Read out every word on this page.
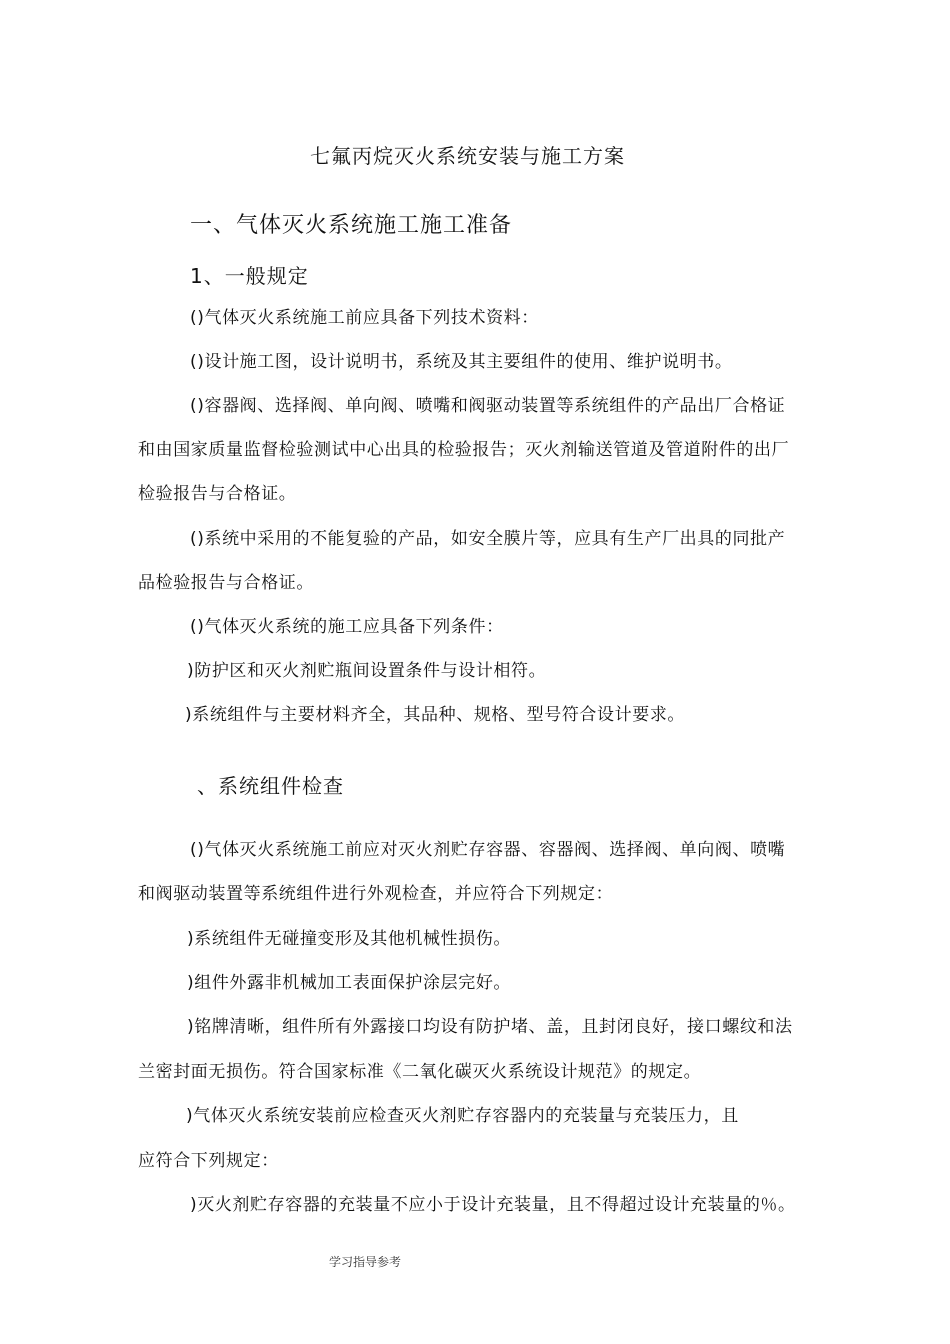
七氟丙烷灭火系统安装与施工方案
一、气体灭火系统施工施工准备
1、一般规定

()气体灭火系统施工前应具备下列技术资料：

()设计施工图，设计说明书，系统及其主要组件的使用、维护说明书。

()容器阀、选择阀、单向阀、喷嘴和阀驱动装置等系统组件的产品出厂合格证

和由国家质量监督检验测试中心出具的检验报告；灭火剂输送管道及管道附件的出厂

检验报告与合格证。

()系统中采用的不能复验的产品，如安全膜片等，应具有生产厂出具的同批产

品检验报告与合格证。

()气体灭火系统的施工应具备下列条件：

)防护区和灭火剂贮瓶间设置条件与设计相符。

)系统组件与主要材料齐全，其品种、规格、型号符合设计要求。

、系统组件检查

()气体灭火系统施工前应对灭火剂贮存容器、容器阀、选择阀、单向阀、喷嘴

和阀驱动装置等系统组件进行外观检查，并应符合下列规定：

)系统组件无碰撞变形及其他机械性损伤。

)组件外露非机械加工表面保护涂层完好。

)铭牌清晰，组件所有外露接口均设有防护堵、盖，且封闭良好，接口螺纹和法

兰密封面无损伤。符合国家标准《二氧化碳灭火系统设计规范》的规定。

)气体灭火系统安装前应检查灭火剂贮存容器内的充装量与充装压力，且

应符合下列规定：

)灭火剂贮存容器的充装量不应小于设计充装量，且不得超过设计充装量的％。

学习指导参考
